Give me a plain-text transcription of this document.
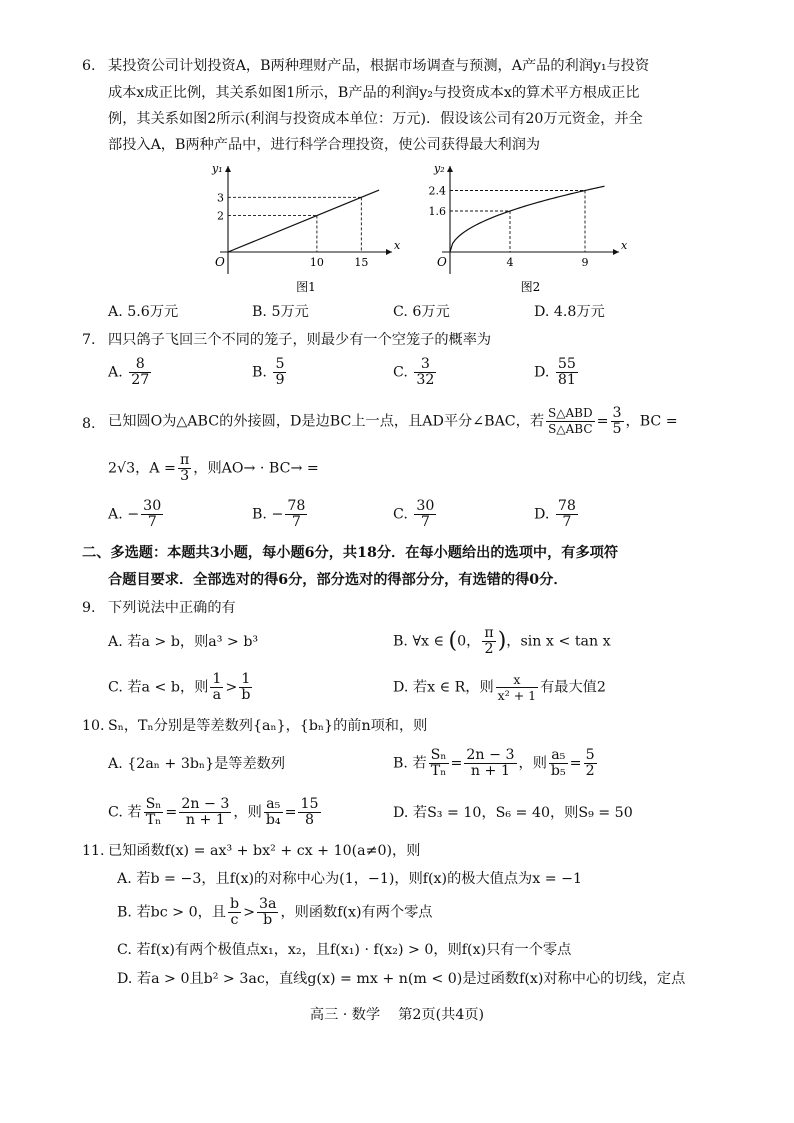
6. 某投资公司计划投资A，B两种理财产品，根据市场调查与预测，A产品的利润y₁与投资
成本x成正比例，其关系如图1所示，B产品的利润y₂与投资成本x的算术平方根成正比
例，其关系如图2所示(利润与投资成本单位：万元)．假设该公司有20万元资金，并全
部投入A，B两种产品中，进行科学合理投资，使公司获得最大利润为
x
y₁
O	10
2
15
3
图1
x
y₂
O	4
1.6
9
2.4
图2
A. 5.6万元	B. 5万元	C. 6万元	D. 4.8万元
7. 四只鸽子飞回三个不同的笼子，则最少有一个空笼子的概率为
A. $\frac{8}{27}$	B. $\frac{5}{9}$	C. $\frac{3}{32}$	D. $\frac{55}{81}$
8. 已知圆O为△ABC的外接圆，D是边BC上一点，且AD平分∠BAC，若 $\frac{\text{S△ABD}}{\text{S△ABC}} = \frac{3}{5}$ ，BC =
2√3，$A = \frac{\pi}{3}$ ，则AO→ · BC→ =
A. − $\frac{30}{7}$	B. − $\frac{78}{7}$	C. $\frac{30}{7}$	D. $\frac{78}{7}$
二、多选题：本题共3小题，每小题6分，共18分．在每小题给出的选项中，有多项符
合题目要求．全部选对的得6分，部分选对的得部分分，有选错的得0分．
9. 下列说法中正确的有
A. 若a > b，则a³ > b³	B. ∀x ∈ (0， $\frac{\pi}{2}$ )，sin x < tan x
C. 若a < b，则 $\frac{1}{a} > \frac{1}{b}$	D. 若x ∈ R，则 $\frac{x}{\text{x² + 1}}$ 有最大值2
10. Sₙ，Tₙ分别是等差数列{aₙ}，{bₙ}的前n项和，则
A. {2aₙ + 3bₙ}是等差数列	B. 若 $\frac{\text{Sₙ}}{\text{Tₙ}} = \frac{2n - 3}{n + 1}$ ，则 $\frac{\text{a₅}}{\text{b₅}} = \frac{5}{2}$
C. 若 $\frac{\text{Sₙ}}{\text{Tₙ}} = \frac{2n - 3}{n + 1}$ ，则 $\frac{\text{a₅}}{\text{b₄}} = \frac{15}{8}$	D. 若S₃ = 10，S₆ = 40，则S₉ = 50
11. 已知函数f(x) = ax³ + bx² + cx + 10(a≠0)，则
A. 若b = −3，且f(x)的对称中心为(1，−1)，则f(x)的极大值点为x = −1
B. 若bc > 0，且 $\frac{b}{c} > \frac{3a}{b}$ ，则函数f(x)有两个零点
C. 若f(x)有两个极值点x₁，x₂，且f(x₁) · f(x₂) > 0，则f(x)只有一个零点
D. 若a > 0且b² > 3ac，直线g(x) = mx + n(m < 0)是过函数f(x)对称中心的切线，定点
高三 · 数学    第2页(共4页)
